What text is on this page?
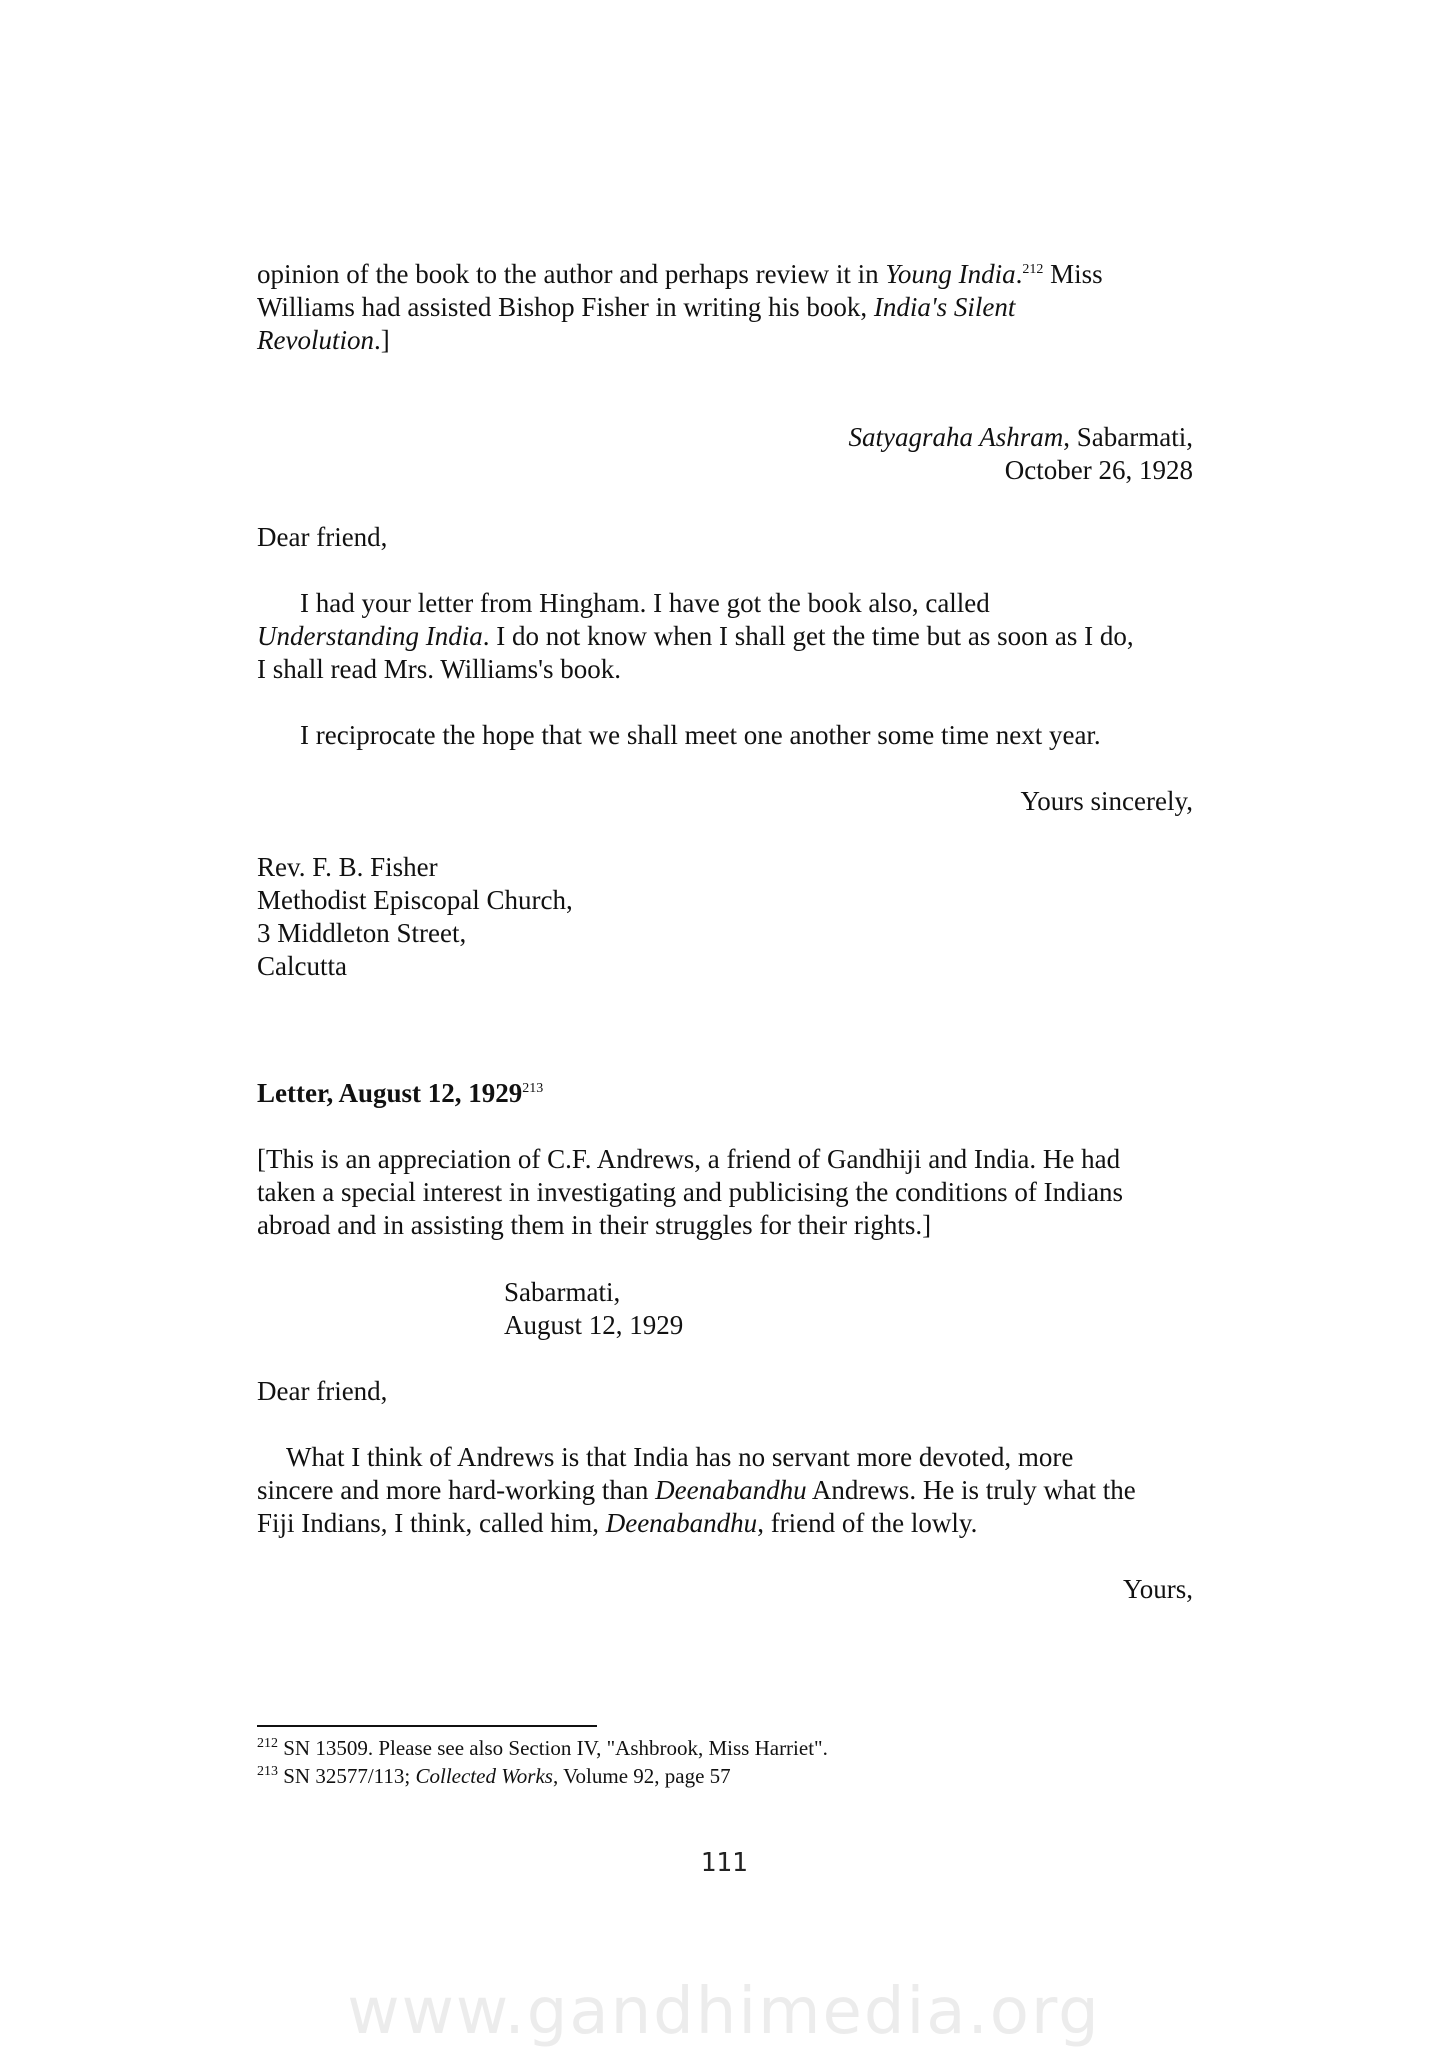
opinion of the book to the author and perhaps review it in Young India.$^{212}$ Miss
Williams had assisted Bishop Fisher in writing his book, India's Silent
Revolution.]
Satyagraha Ashram, Sabarmati,
October 26, 1928
Dear friend,
I had your letter from Hingham. I have got the book also, called
Understanding India. I do not know when I shall get the time but as soon as I do,
I shall read Mrs. Williams's book.
I reciprocate the hope that we shall meet one another some time next year.
Yours sincerely,
Rev. F. B. Fisher
Methodist Episcopal Church,
3 Middleton Street,
Calcutta
Letter, August 12, 1929$^{213}$
[This is an appreciation of C.F. Andrews, a friend of Gandhiji and India. He had
taken a special interest in investigating and publicising the conditions of Indians
abroad and in assisting them in their struggles for their rights.]
Sabarmati,
August 12, 1929
Dear friend,
What I think of Andrews is that India has no servant more devoted, more
sincere and more hard-working than Deenabandhu Andrews. He is truly what the
Fiji Indians, I think, called him, Deenabandhu, friend of the lowly.
Yours,
$^{212}$ SN 13509. Please see also Section IV, "Ashbrook, Miss Harriet".
$^{213}$ SN 32577/113; Collected Works, Volume 92, page 57
111
www.gandhimedia.org
